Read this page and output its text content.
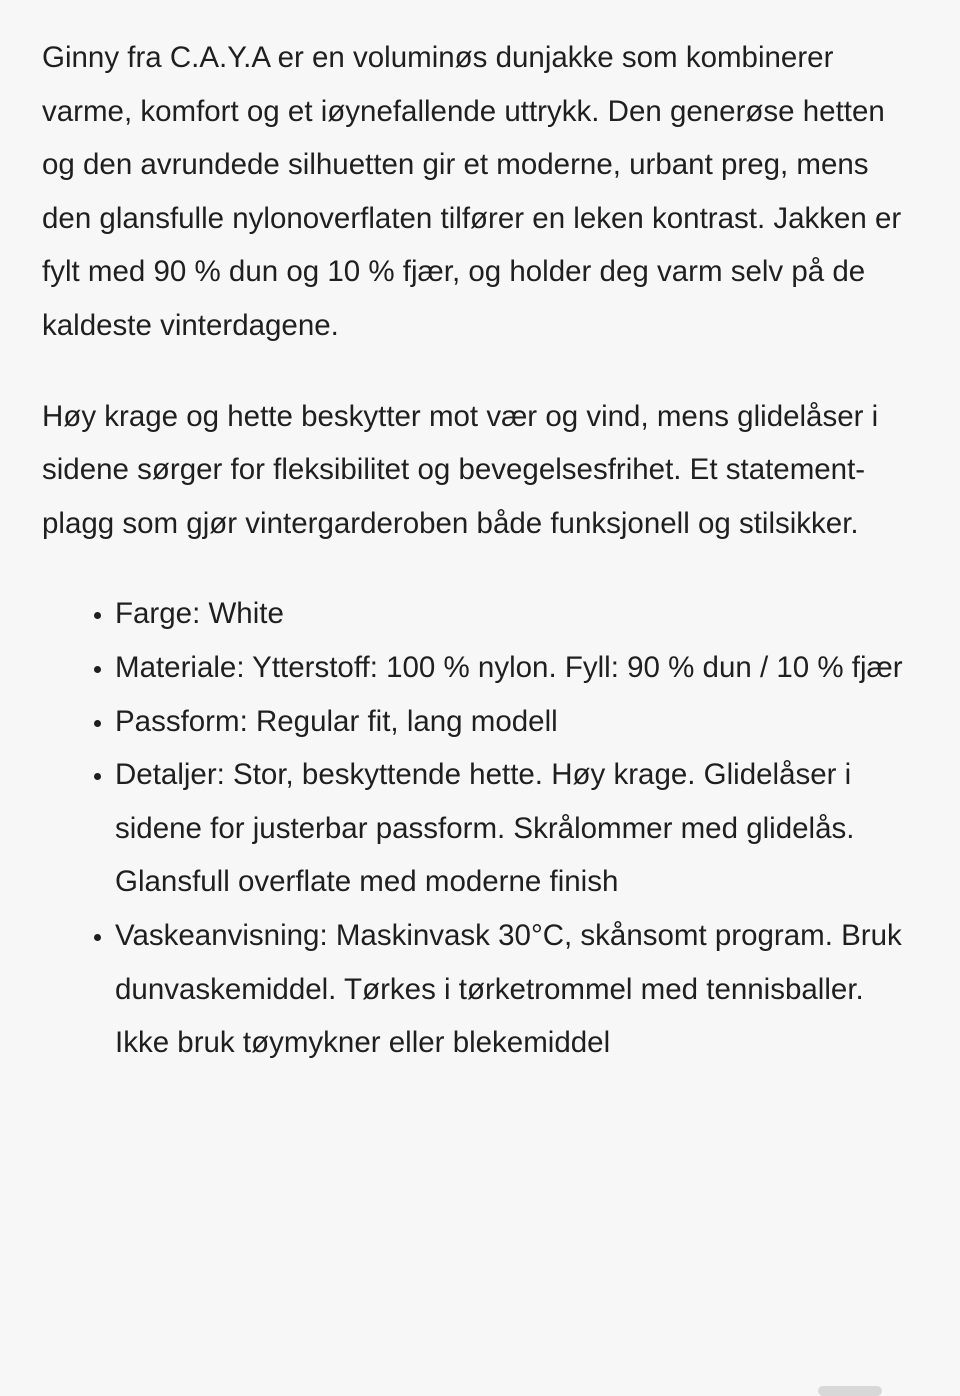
Ginny fra C.A.Y.A er en voluminøs dunjakke som kombinerer varme, komfort og et iøynefallende uttrykk. Den generøse hetten og den avrundede silhuetten gir et moderne, urbant preg, mens den glansfulle nylonoverflaten tilfører en leken kontrast. Jakken er fylt med 90 % dun og 10 % fjær, og holder deg varm selv på de kaldeste vinterdagene.

Høy krage og hette beskytter mot vær og vind, mens glidelåser i sidene sørger for fleksibilitet og bevegelsesfrihet. Et statement-plagg som gjør vintergarderoben både funksjonell og stilsikker.

• Farge: White
• Materiale: Ytterstoff: 100 % nylon. Fyll: 90 % dun / 10 % fjær
• Passform: Regular fit, lang modell
• Detaljer: Stor, beskyttende hette. Høy krage. Glidelåser i sidene for justerbar passform. Skrålommer med glidelås. Glansfull overflate med moderne finish
• Vaskeanvisning: Maskinvask 30°C, skånsomt program. Bruk dunvaskemiddel. Tørkes i tørketrommel med tennisballer. Ikke bruk tøymykner eller blekemiddel
